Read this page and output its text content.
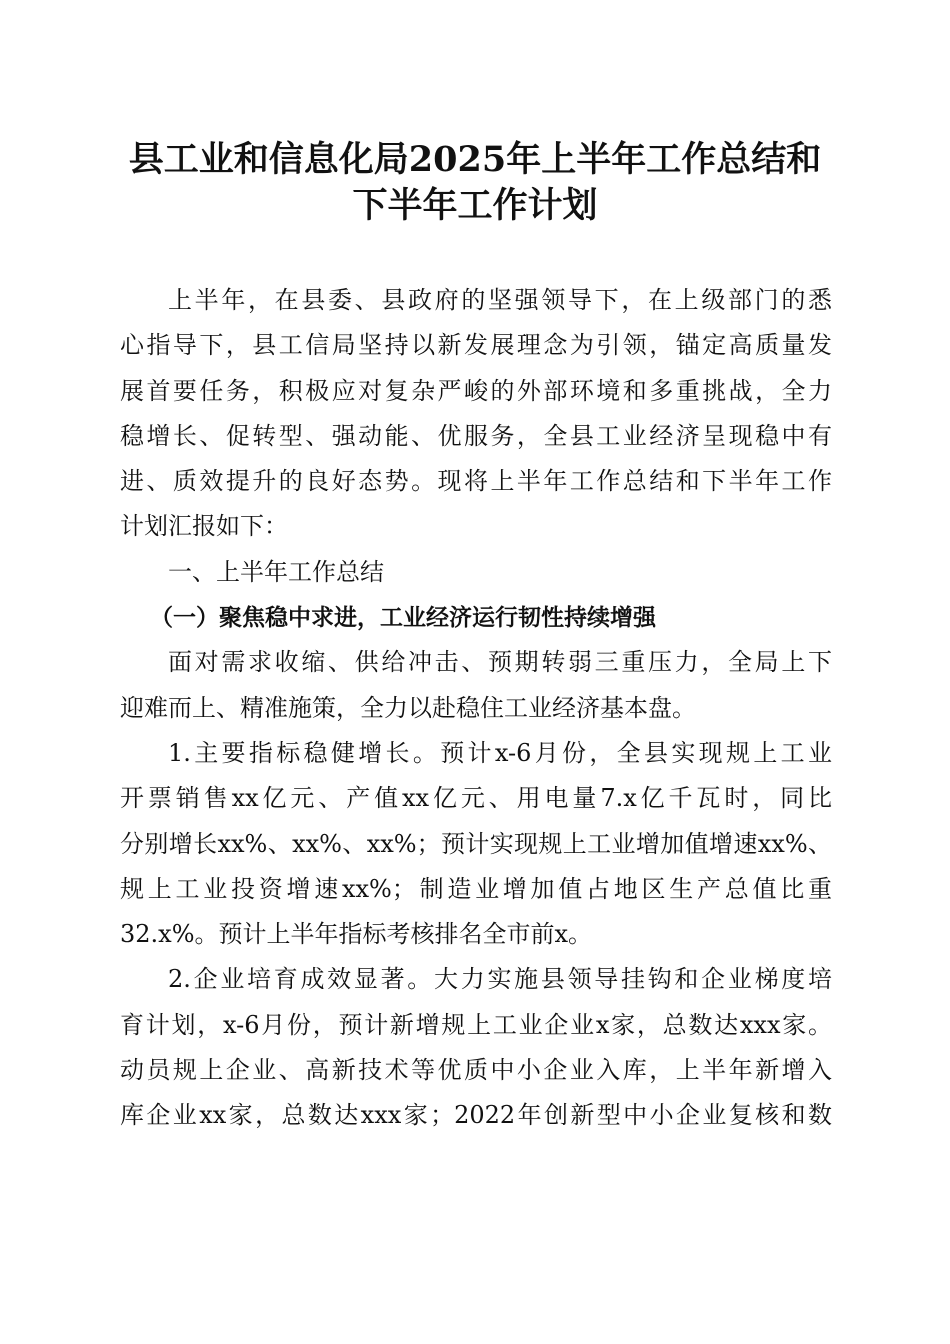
县工业和信息化局2025年上半年工作总结和
下半年工作计划
上半年，在县委、县政府的坚强领导下，在上级部门的悉
心指导下，县工信局坚持以新发展理念为引领，锚定高质量发
展首要任务，积极应对复杂严峻的外部环境和多重挑战，全力
稳增长、促转型、强动能、优服务，全县工业经济呈现稳中有
进、质效提升的良好态势。现将上半年工作总结和下半年工作
计划汇报如下：
一、上半年工作总结
（一）聚焦稳中求进，工业经济运行韧性持续增强
面对需求收缩、供给冲击、预期转弱三重压力，全局上下
迎难而上、精准施策，全力以赴稳住工业经济基本盘。
1.主要指标稳健增长。预计x-6月份，全县实现规上工业
开票销售xx亿元、产值xx亿元、用电量7.x亿千瓦时，同比
分别增长xx%、xx%、xx%；预计实现规上工业增加值增速xx%、
规上工业投资增速xx%；制造业增加值占地区生产总值比重
32.x%。预计上半年指标考核排名全市前x。
2.企业培育成效显著。大力实施县领导挂钩和企业梯度培
育计划，x-6月份，预计新增规上工业企业x家，总数达xxx家。
动员规上企业、高新技术等优质中小企业入库，上半年新增入
库企业xx家，总数达xxx家；2022年创新型中小企业复核和数
